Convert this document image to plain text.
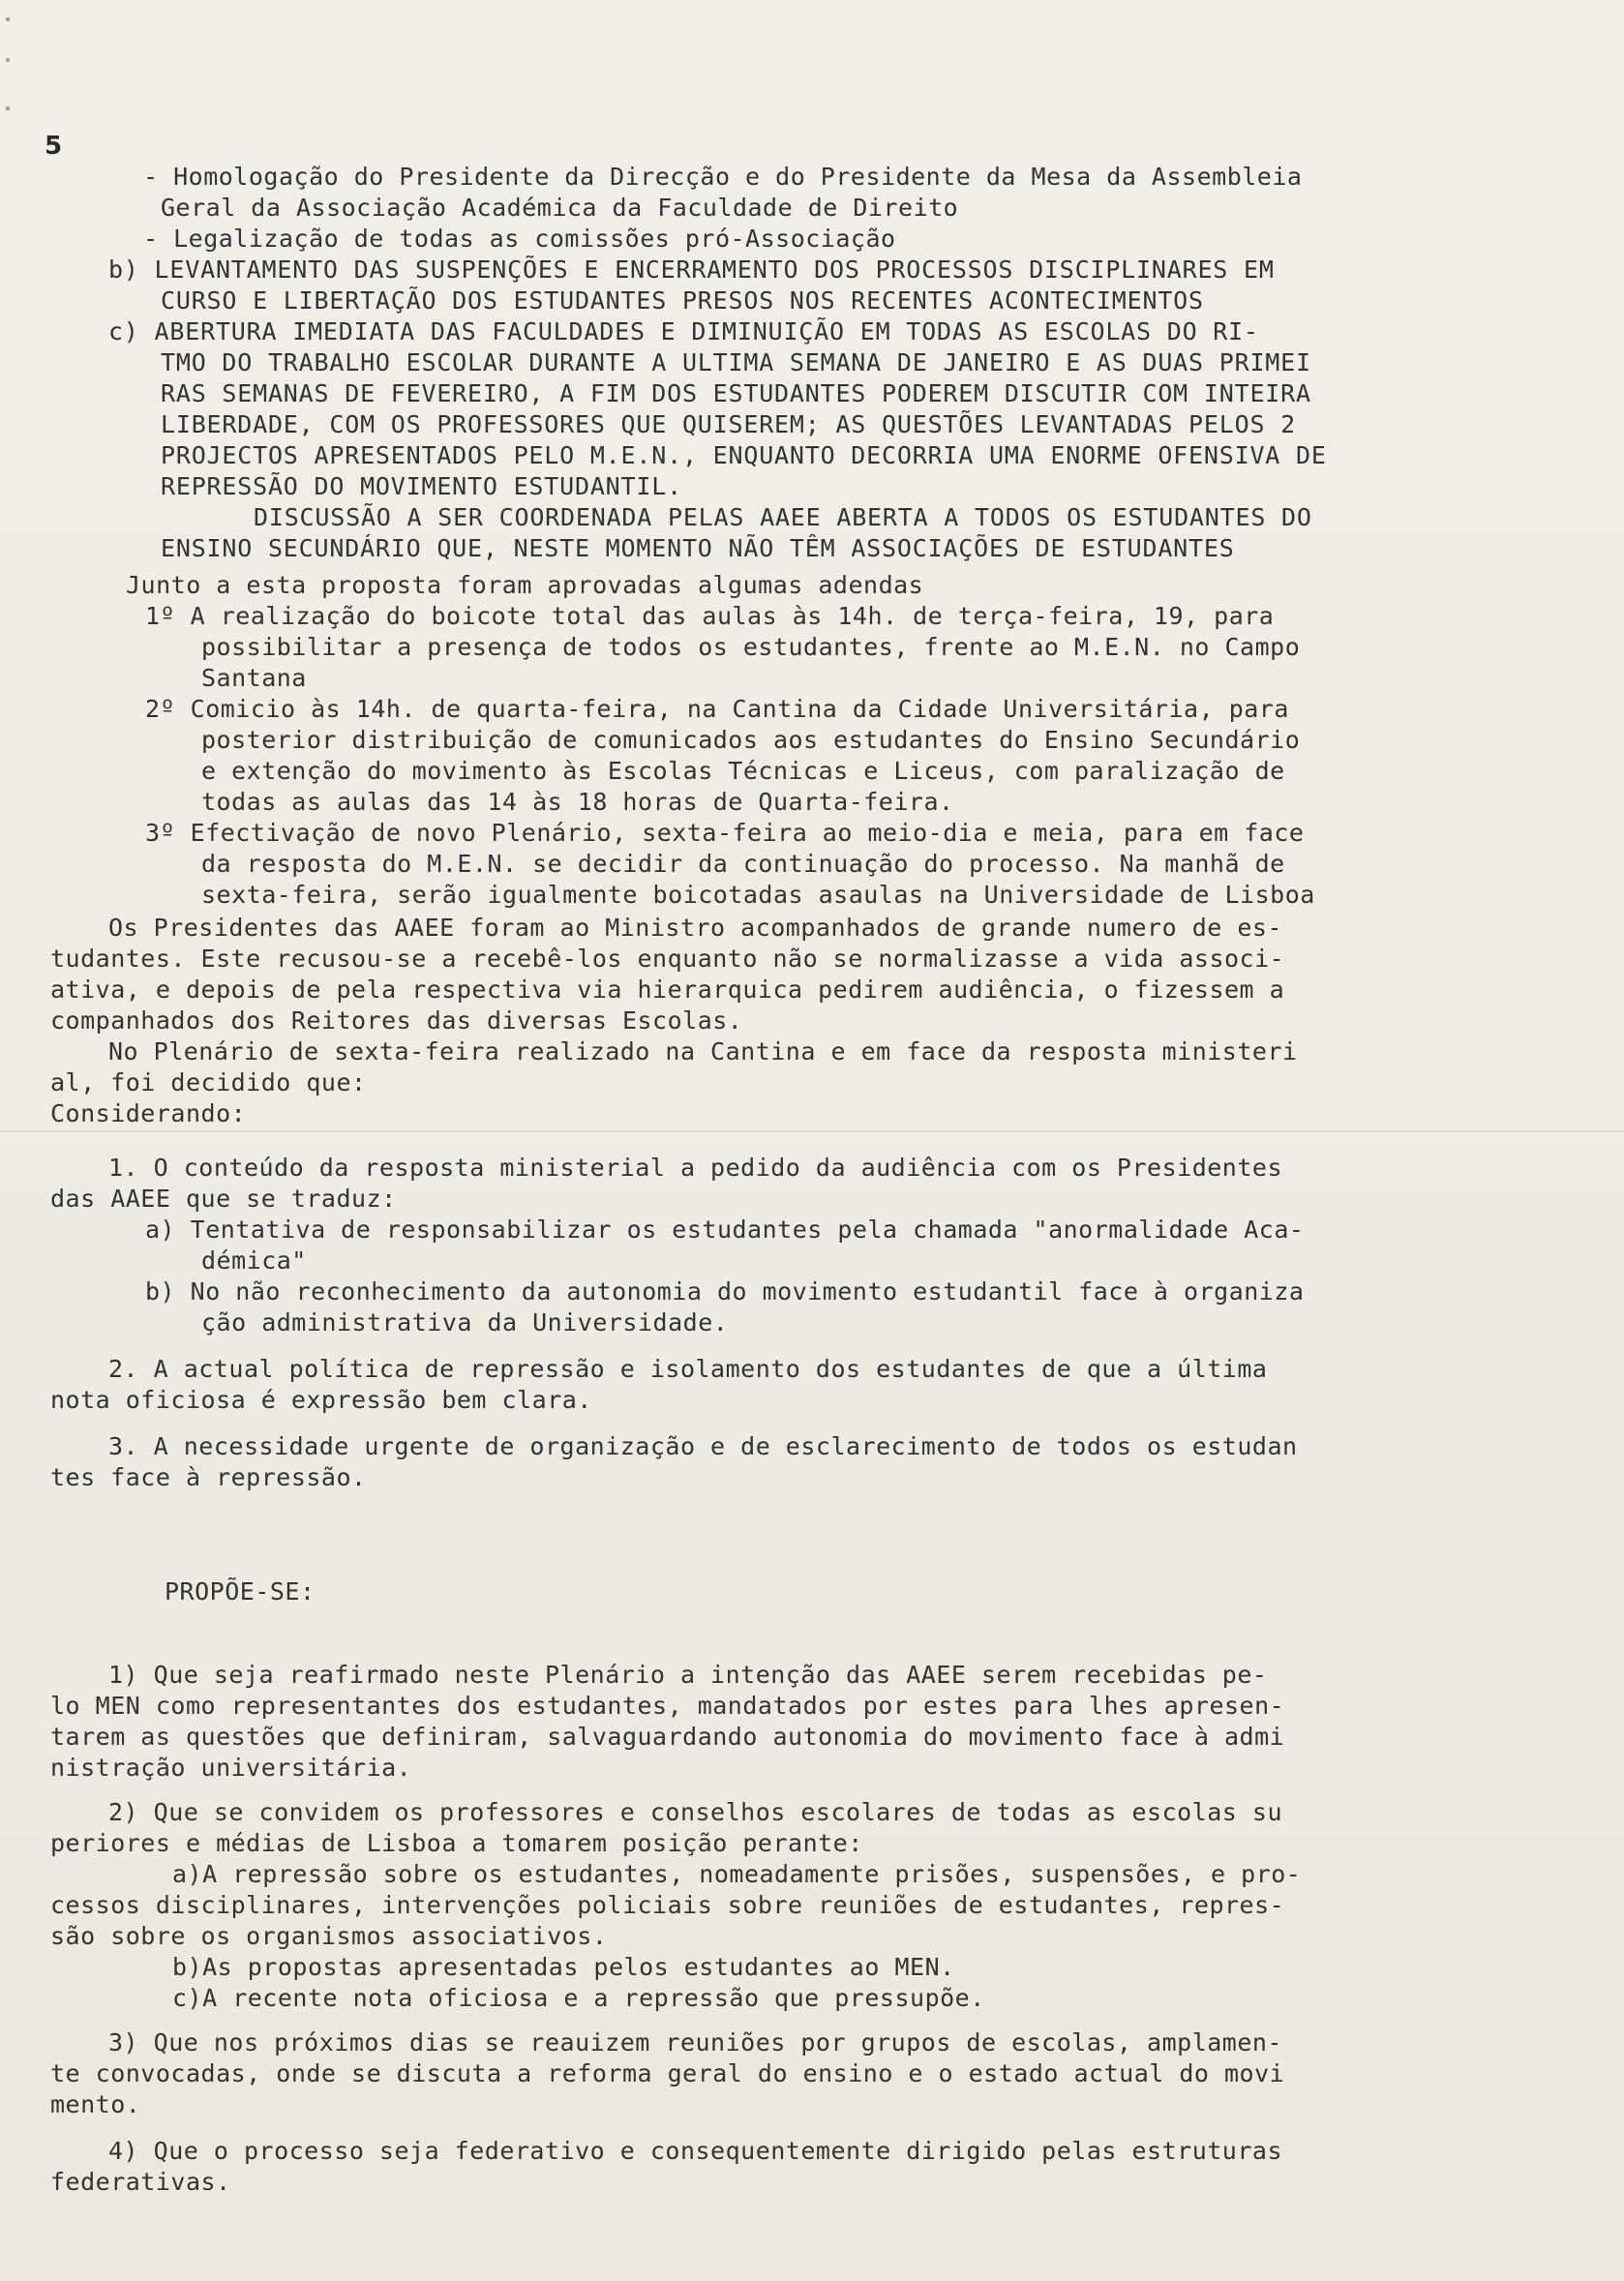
5
- Homologação do Presidente da Direcção e do Presidente da Mesa da Assembleia
Geral da Associação Académica da Faculdade de Direito
- Legalização de todas as comissões pró-Associação
b) LEVANTAMENTO DAS SUSPENÇÕES E ENCERRAMENTO DOS PROCESSOS DISCIPLINARES EM
CURSO E LIBERTAÇÃO DOS ESTUDANTES PRESOS NOS RECENTES ACONTECIMENTOS
c) ABERTURA IMEDIATA DAS FACULDADES E DIMINUIÇÃO EM TODAS AS ESCOLAS DO RI-
TMO DO TRABALHO ESCOLAR DURANTE A ULTIMA SEMANA DE JANEIRO E AS DUAS PRIMEI
RAS SEMANAS DE FEVEREIRO, A FIM DOS ESTUDANTES PODEREM DISCUTIR COM INTEIRA
LIBERDADE, COM OS PROFESSORES QUE QUISEREM; AS QUESTÕES LEVANTADAS PELOS 2
PROJECTOS APRESENTADOS PELO M.E.N., ENQUANTO DECORRIA UMA ENORME OFENSIVA DE
REPRESSÃO DO MOVIMENTO ESTUDANTIL.
DISCUSSÃO A SER COORDENADA PELAS AAEE ABERTA A TODOS OS ESTUDANTES DO
ENSINO SECUNDÁRIO QUE, NESTE MOMENTO NÃO TÊM ASSOCIAÇÕES DE ESTUDANTES
Junto a esta proposta foram aprovadas algumas adendas
1º A realização do boicote total das aulas às 14h. de terça-feira, 19, para
possibilitar a presença de todos os estudantes, frente ao M.E.N. no Campo
Santana
2º Comicio às 14h. de quarta-feira, na Cantina da Cidade Universitária, para
posterior distribuição de comunicados aos estudantes do Ensino Secundário
e extenção do movimento às Escolas Técnicas e Liceus, com paralização de
todas as aulas das 14 às 18 horas de Quarta-feira.
3º Efectivação de novo Plenário, sexta-feira ao meio-dia e meia, para em face
da resposta do M.E.N. se decidir da continuação do processo. Na manhã de
sexta-feira, serão igualmente boicotadas asaulas na Universidade de Lisboa
Os Presidentes das AAEE foram ao Ministro acompanhados de grande numero de es-
tudantes. Este recusou-se a recebê-los enquanto não se normalizasse a vida associ-
ativa, e depois de pela respectiva via hierarquica pedirem audiência, o fizessem a
companhados dos Reitores das diversas Escolas.
No Plenário de sexta-feira realizado na Cantina e em face da resposta ministeri
al, foi decidido que:
Considerando:
1. O conteúdo da resposta ministerial a pedido da audiência com os Presidentes
das AAEE que se traduz:
a) Tentativa de responsabilizar os estudantes pela chamada "anormalidade Aca-
démica"
b) No não reconhecimento da autonomia do movimento estudantil face à organiza
ção administrativa da Universidade.
2. A actual política de repressão e isolamento dos estudantes de que a última
nota oficiosa é expressão bem clara.
3. A necessidade urgente de organização e de esclarecimento de todos os estudan
tes face à repressão.
PROPÕE-SE:
1) Que seja reafirmado neste Plenário a intenção das AAEE serem recebidas pe-
lo MEN como representantes dos estudantes, mandatados por estes para lhes apresen-
tarem as questões que definiram, salvaguardando autonomia do movimento face à admi
nistração universitária.
2) Que se convidem os professores e conselhos escolares de todas as escolas su
periores e médias de Lisboa a tomarem posição perante:
a)A repressão sobre os estudantes, nomeadamente prisões, suspensões, e pro-
cessos disciplinares, intervenções policiais sobre reuniões de estudantes, repres-
são sobre os organismos associativos.
b)As propostas apresentadas pelos estudantes ao MEN.
c)A recente nota oficiosa e a repressão que pressupõe.
3) Que nos próximos dias se reauizem reuniões por grupos de escolas, amplamen-
te convocadas, onde se discuta a reforma geral do ensino e o estado actual do movi
mento.
4) Que o processo seja federativo e consequentemente dirigido pelas estruturas
federativas.
